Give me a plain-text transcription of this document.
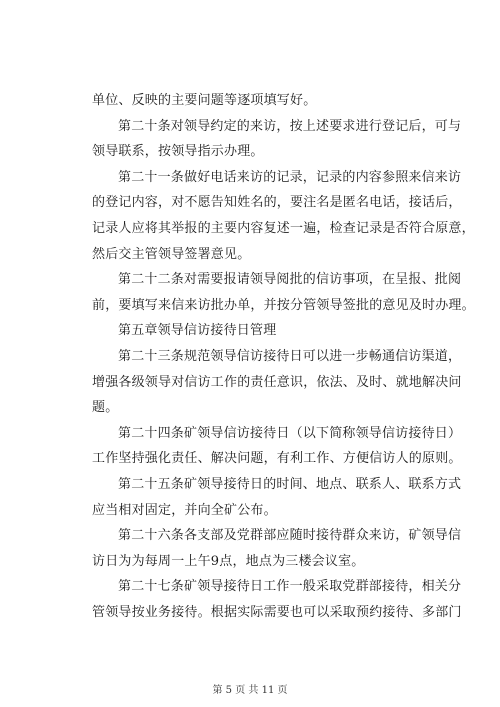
单位、反映的主要问题等逐项填写好。
第二十条对领导约定的来访，按上述要求进行登记后，可与
领导联系，按领导指示办理。
第二十一条做好电话来访的记录，记录的内容参照来信来访
的登记内容，对不愿告知姓名的，要注名是匿名电话，接话后，
记录人应将其举报的主要内容复述一遍，检查记录是否符合原意，
然后交主管领导签署意见。
第二十二条对需要报请领导阅批的信访事项，在呈报、批阅
前，要填写来信来访批办单，并按分管领导签批的意见及时办理。
第五章领导信访接待日管理
第二十三条规范领导信访接待日可以进一步畅通信访渠道，
增强各级领导对信访工作的责任意识，依法、及时、就地解决问
题。
第二十四条矿领导信访接待日（以下简称领导信访接待日）
工作坚持强化责任、解决问题，有利工作、方便信访人的原则。
第二十五条矿领导接待日的时间、地点、联系人、联系方式
应当相对固定，并向全矿公布。
第二十六条各支部及党群部应随时接待群众来访，矿领导信
访日为为每周一上午9点，地点为三楼会议室。
第二十七条矿领导接待日工作一般采取党群部接待，相关分
管领导按业务接待。根据实际需要也可以采取预约接待、多部门
第 5 页 共 11 页
